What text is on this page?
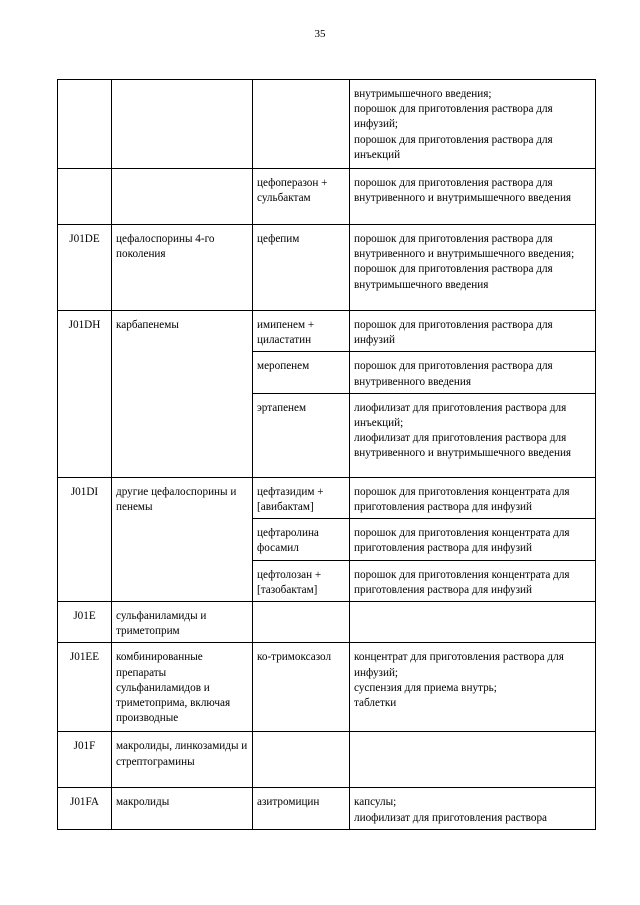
35

			внутримышечного введения;
порошок для приготовления раствора для инфузий;
порошок для приготовления раствора для инъекций

		цефоперазон + сульбактам	порошок для приготовления раствора для внутривенного и внутримышечного введения

J01DE	цефалоспорины 4-го поколения	цефепим	порошок для приготовления раствора для внутривенного и внутримышечного введения;
порошок для приготовления раствора для внутримышечного введения

J01DH	карбапенемы	имипенем + циластатин	порошок для приготовления раствора для инфузий

		меропенем	порошок для приготовления раствора для внутривенного введения

		эртапенем	лиофилизат для приготовления раствора для инъекций;
лиофилизат для приготовления раствора для внутривенного и внутримышечного введения

J01DI	другие цефалоспорины и пенемы	цефтазидим + [авибактам]	порошок для приготовления концентрата для приготовления раствора для инфузий

		цефтаролина фосамил	порошок для приготовления концентрата для приготовления раствора для инфузий

		цефтолозан + [тазобактам]	порошок для приготовления концентрата для приготовления раствора для инфузий

J01E	сульфаниламиды и триметоприм		
J01EE	комбинированные препараты сульфаниламидов и триметоприма, включая производные	ко-тримоксазол	концентрат для приготовления раствора для инфузий;
суспензия для приема внутрь;
таблетки

J01F	макролиды, линкозамиды и стрептограмины		
J01FA	макролиды	азитромицин	капсулы;
лиофилизат для приготовления раствора
